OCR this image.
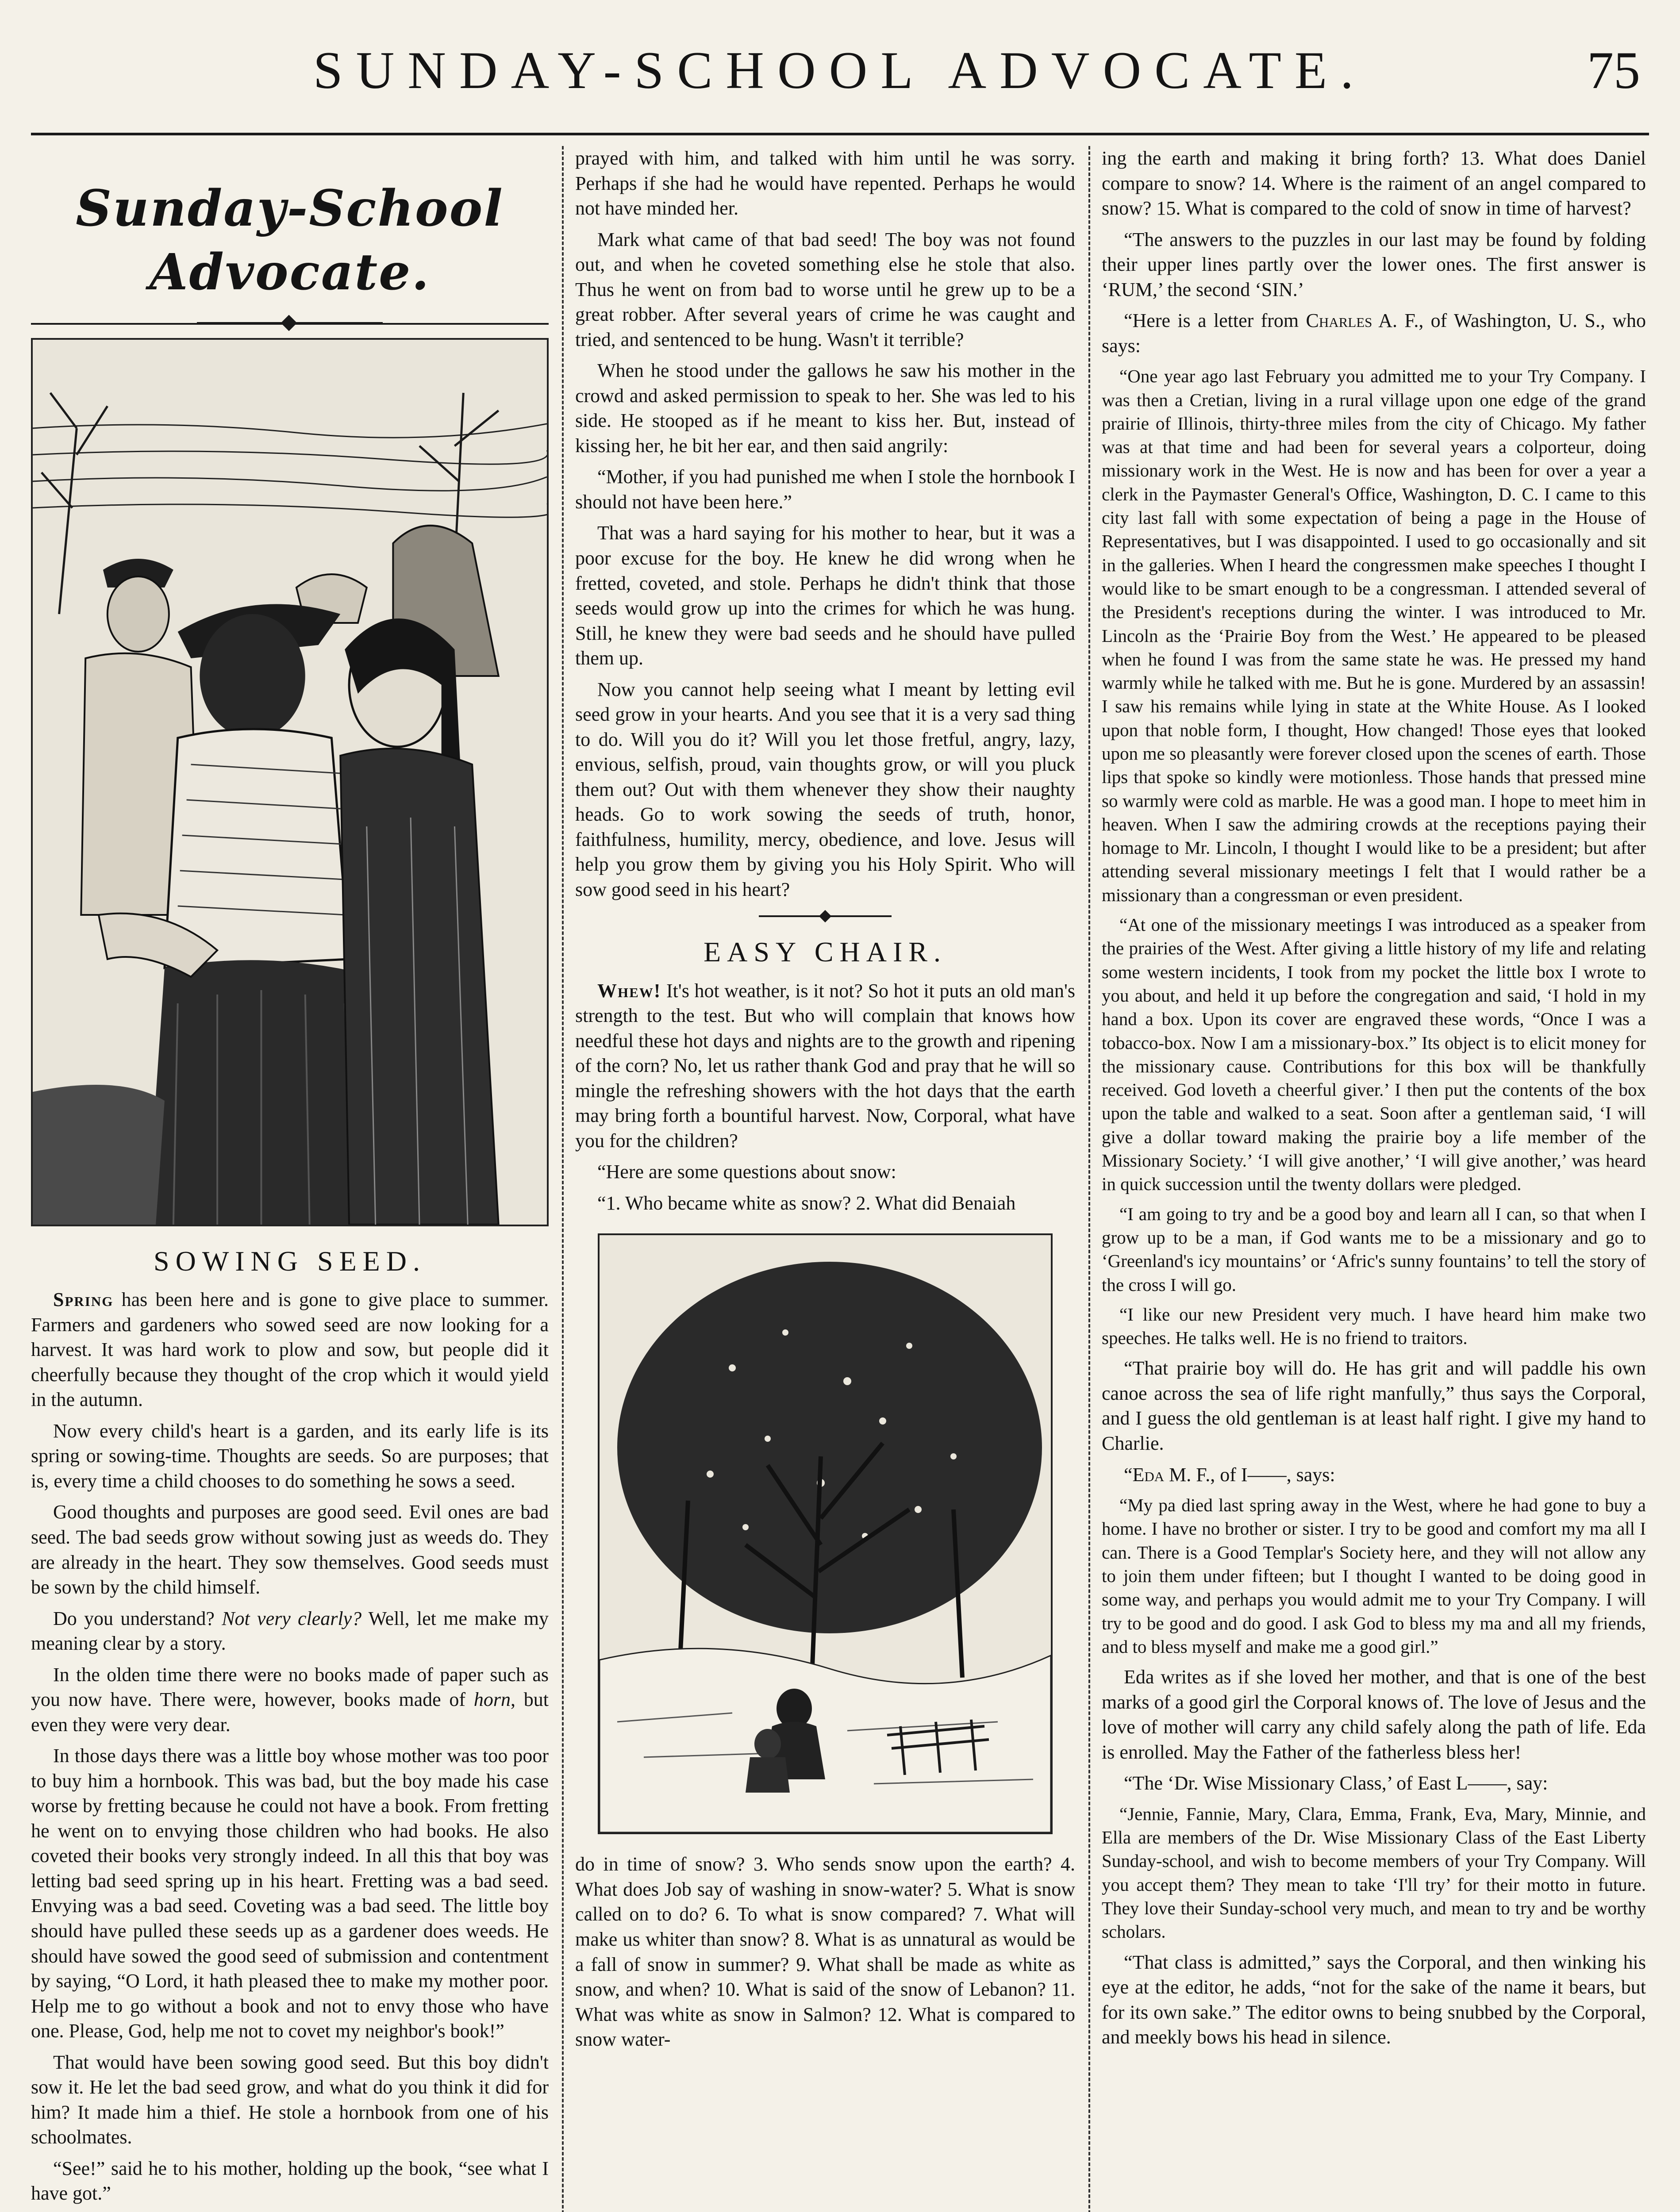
SUNDAY-SCHOOL ADVOCATE.	75
Sunday-School Advocate.
SOWING SEED.

Spring has been here and is gone to give place to summer. Farmers and gardeners who sowed seed are now looking for a harvest. It was hard work to plow and sow, but people did it cheerfully because they thought of the crop which it would yield in the autumn.

Now every child's heart is a garden, and its early life is its spring or sowing-time. Thoughts are seeds. So are purposes; that is, every time a child chooses to do something he sows a seed.

Good thoughts and purposes are good seed. Evil ones are bad seed. The bad seeds grow without sowing just as weeds do. They are already in the heart. They sow themselves. Good seeds must be sown by the child himself.

Do you understand? Not very clearly? Well, let me make my meaning clear by a story.

In the olden time there were no books made of paper such as you now have. There were, however, books made of horn, but even they were very dear.

In those days there was a little boy whose mother was too poor to buy him a hornbook. This was bad, but the boy made his case worse by fretting because he could not have a book. From fretting he went on to envying those children who had books. He also coveted their books very strongly indeed. In all this that boy was letting bad seed spring up in his heart. Fretting was a bad seed. Envying was a bad seed. Coveting was a bad seed. The little boy should have pulled these seeds up as a gardener does weeds. He should have sowed the good seed of submission and contentment by saying, “O Lord, it hath pleased thee to make my mother poor. Help me to go without a book and not to envy those who have one. Please, God, help me not to covet my neighbor's book!”

That would have been sowing good seed. But this boy didn't sow it. He let the bad seed grow, and what do you think it did for him? It made him a thief. He stole a hornbook from one of his schoolmates.

“See!” said he to his mother, holding up the book, “see what I have got.”

prayed with him, and talked with him until he was sorry. Perhaps if she had he would have repented. Perhaps he would not have minded her.

Mark what came of that bad seed! The boy was not found out, and when he coveted something else he stole that also. Thus he went on from bad to worse until he grew up to be a great robber. After several years of crime he was caught and tried, and sentenced to be hung. Wasn't it terrible?

When he stood under the gallows he saw his mother in the crowd and asked permission to speak to her. She was led to his side. He stooped as if he meant to kiss her. But, instead of kissing her, he bit her ear, and then said angrily:

“Mother, if you had punished me when I stole the hornbook I should not have been here.”

That was a hard saying for his mother to hear, but it was a poor excuse for the boy. He knew he did wrong when he fretted, coveted, and stole. Perhaps he didn't think that those seeds would grow up into the crimes for which he was hung. Still, he knew they were bad seeds and he should have pulled them up.

Now you cannot help seeing what I meant by letting evil seed grow in your hearts. And you see that it is a very sad thing to do. Will you do it? Will you let those fretful, angry, lazy, envious, selfish, proud, vain thoughts grow, or will you pluck them out? Out with them whenever they show their naughty heads. Go to work sowing the seeds of truth, honor, faithfulness, humility, mercy, obedience, and love. Jesus will help you grow them by giving you his Holy Spirit. Who will sow good seed in his heart?

EASY CHAIR.

Whew! It's hot weather, is it not? So hot it puts an old man's strength to the test. But who will complain that knows how needful these hot days and nights are to the growth and ripening of the corn? No, let us rather thank God and pray that he will so mingle the refreshing showers with the hot days that the earth may bring forth a bountiful harvest. Now, Corporal, what have you for the children?

“Here are some questions about snow:

“1. Who became white as snow? 2. What did Benaiah

do in time of snow? 3. Who sends snow upon the earth? 4. What does Job say of washing in snow-water? 5. What is snow called on to do? 6. To what is snow compared? 7. What will make us whiter than snow? 8. What is as unnatural as would be a fall of snow in summer? 9. What shall be made as white as snow, and when? 10. What is said of the snow of Lebanon? 11. What was white as snow in Salmon? 12. What is compared to snow water-

ing the earth and making it bring forth? 13. What does Daniel compare to snow? 14. Where is the raiment of an angel compared to snow? 15. What is compared to the cold of snow in time of harvest?

“The answers to the puzzles in our last may be found by folding their upper lines partly over the lower ones. The first answer is ‘RUM,’ the second ‘SIN.’

“Here is a letter from Charles A. F., of Washington, U. S., who says:

“One year ago last February you admitted me to your Try Company. I was then a Cretian, living in a rural village upon one edge of the grand prairie of Illinois, thirty-three miles from the city of Chicago. My father was at that time and had been for several years a colporteur, doing missionary work in the West. He is now and has been for over a year a clerk in the Paymaster General's Office, Washington, D. C. I came to this city last fall with some expectation of being a page in the House of Representatives, but I was disappointed. I used to go occasionally and sit in the galleries. When I heard the congressmen make speeches I thought I would like to be smart enough to be a congressman. I attended several of the President's receptions during the winter. I was introduced to Mr. Lincoln as the ‘Prairie Boy from the West.’ He appeared to be pleased when he found I was from the same state he was. He pressed my hand warmly while he talked with me. But he is gone. Murdered by an assassin! I saw his remains while lying in state at the White House. As I looked upon that noble form, I thought, How changed! Those eyes that looked upon me so pleasantly were forever closed upon the scenes of earth. Those lips that spoke so kindly were motionless. Those hands that pressed mine so warmly were cold as marble. He was a good man. I hope to meet him in heaven. When I saw the admiring crowds at the receptions paying their homage to Mr. Lincoln, I thought I would like to be a president; but after attending several missionary meetings I felt that I would rather be a missionary than a congressman or even president.

“At one of the missionary meetings I was introduced as a speaker from the prairies of the West. After giving a little history of my life and relating some western incidents, I took from my pocket the little box I wrote to you about, and held it up before the congregation and said, ‘I hold in my hand a box. Upon its cover are engraved these words, “Once I was a tobacco-box. Now I am a missionary-box.” Its object is to elicit money for the missionary cause. Contributions for this box will be thankfully received. God loveth a cheerful giver.’ I then put the contents of the box upon the table and walked to a seat. Soon after a gentleman said, ‘I will give a dollar toward making the prairie boy a life member of the Missionary Society.’ ‘I will give another,’ ‘I will give another,’ was heard in quick succession until the twenty dollars were pledged.

“I am going to try and be a good boy and learn all I can, so that when I grow up to be a man, if God wants me to be a missionary and go to ‘Greenland's icy mountains’ or ‘Afric's sunny fountains’ to tell the story of the cross I will go.

“I like our new President very much. I have heard him make two speeches. He talks well. He is no friend to traitors.

“That prairie boy will do. He has grit and will paddle his own canoe across the sea of life right manfully,” thus says the Corporal, and I guess the old gentleman is at least half right. I give my hand to Charlie.

“Eda M. F., of I——, says:

“My pa died last spring away in the West, where he had gone to buy a home. I have no brother or sister. I try to be good and comfort my ma all I can. There is a Good Templar's Society here, and they will not allow any to join them under fifteen; but I thought I wanted to be doing good in some way, and perhaps you would admit me to your Try Company. I will try to be good and do good. I ask God to bless my ma and all my friends, and to bless myself and make me a good girl.”

Eda writes as if she loved her mother, and that is one of the best marks of a good girl the Corporal knows of. The love of Jesus and the love of mother will carry any child safely along the path of life. Eda is enrolled. May the Father of the fatherless bless her!

“The ‘Dr. Wise Missionary Class,’ of East L——, say:

“Jennie, Fannie, Mary, Clara, Emma, Frank, Eva, Mary, Minnie, and Ella are members of the Dr. Wise Missionary Class of the East Liberty Sunday-school, and wish to become members of your Try Company. Will you accept them? They mean to take ‘I'll try’ for their motto in future. They love their Sunday-school very much, and mean to try and be worthy scholars.

“That class is admitted,” says the Corporal, and then winking his eye at the editor, he adds, “not for the sake of the name it bears, but for its own sake.” The editor owns to being snubbed by the Corporal, and meekly bows his head in silence.
